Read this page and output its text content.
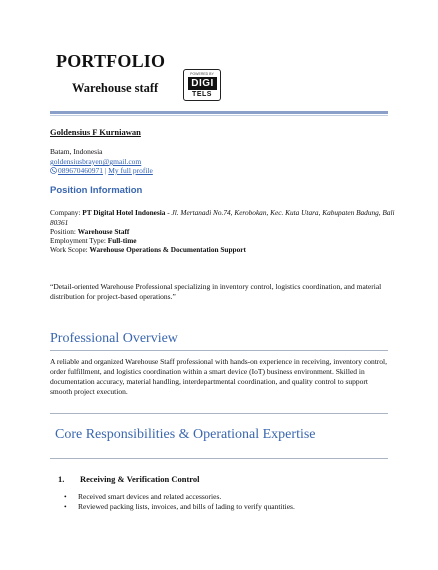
PORTFOLIO
Warehouse staff
POWERED BY
DIGI
TELS
Goldensius F Kurniawan
Batam, Indonesia
goldensiusbrayen@gmail.com
089670460971 | My full profile
Position Information
Company: PT Digital Hotel Indonesia - Jl. Mertanadi No.74, Kerobokan, Kec. Kuta Utara, Kabupaten Badung, Bali 80361
Position: Warehouse Staff
Employment Type: Full-time
Work Scope: Warehouse Operations & Documentation Support
“Detail-oriented Warehouse Professional specializing in inventory control, logistics coordination, and material distribution for project-based operations.”
Professional Overview
A reliable and organized Warehouse Staff professional with hands-on experience in receiving, inventory control, order fulfillment, and logistics coordination within a smart device (IoT) business environment. Skilled in documentation accuracy, material handling, interdepartmental coordination, and quality control to support smooth project execution.
Core Responsibilities & Operational Expertise
1. Receiving & Verification Control
• Received smart devices and related accessories.
• Reviewed packing lists, invoices, and bills of lading to verify quantities.
